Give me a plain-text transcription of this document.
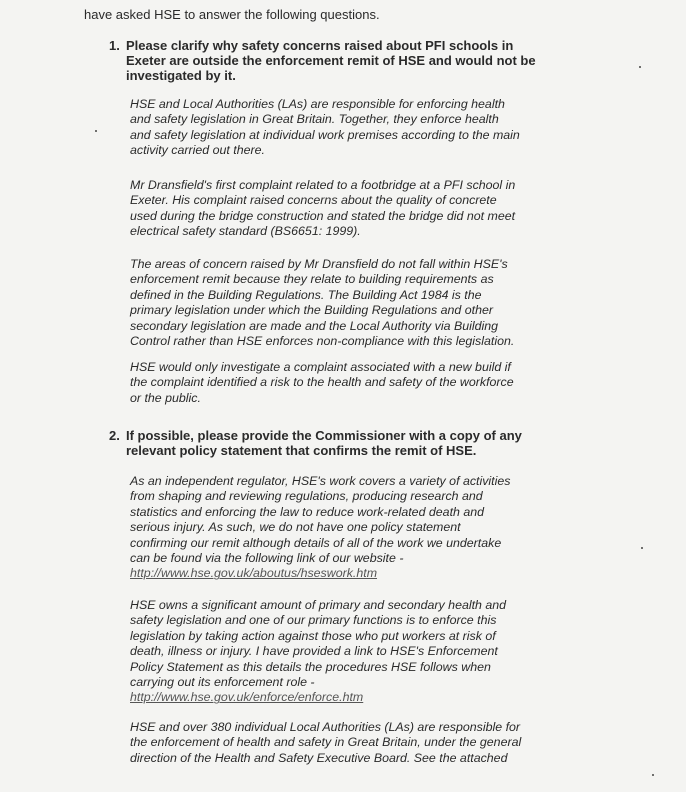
have asked HSE to answer the following questions.
1. Please clarify why safety concerns raised about PFI schools in
Exeter are outside the enforcement remit of HSE and would not be
investigated by it.
HSE and Local Authorities (LAs) are responsible for enforcing health
and safety legislation in Great Britain. Together, they enforce health
and safety legislation at individual work premises according to the main
activity carried out there.
Mr Dransfield's first complaint related to a footbridge at a PFI school in
Exeter. His complaint raised concerns about the quality of concrete
used during the bridge construction and stated the bridge did not meet
electrical safety standard (BS6651: 1999).
The areas of concern raised by Mr Dransfield do not fall within HSE's
enforcement remit because they relate to building requirements as
defined in the Building Regulations. The Building Act 1984 is the
primary legislation under which the Building Regulations and other
secondary legislation are made and the Local Authority via Building
Control rather than HSE enforces non-compliance with this legislation.
HSE would only investigate a complaint associated with a new build if
the complaint identified a risk to the health and safety of the workforce
or the public.
2. If possible, please provide the Commissioner with a copy of any
relevant policy statement that confirms the remit of HSE.
As an independent regulator, HSE's work covers a variety of activities
from shaping and reviewing regulations, producing research and
statistics and enforcing the law to reduce work-related death and
serious injury. As such, we do not have one policy statement
confirming our remit although details of all of the work we undertake
can be found via the following link of our website -
http://www.hse.gov.uk/aboutus/hseswork.htm
HSE owns a significant amount of primary and secondary health and
safety legislation and one of our primary functions is to enforce this
legislation by taking action against those who put workers at risk of
death, illness or injury. I have provided a link to HSE's Enforcement
Policy Statement as this details the procedures HSE follows when
carrying out its enforcement role -
http://www.hse.gov.uk/enforce/enforce.htm
HSE and over 380 individual Local Authorities (LAs) are responsible for
the enforcement of health and safety in Great Britain, under the general
direction of the Health and Safety Executive Board. See the attached
